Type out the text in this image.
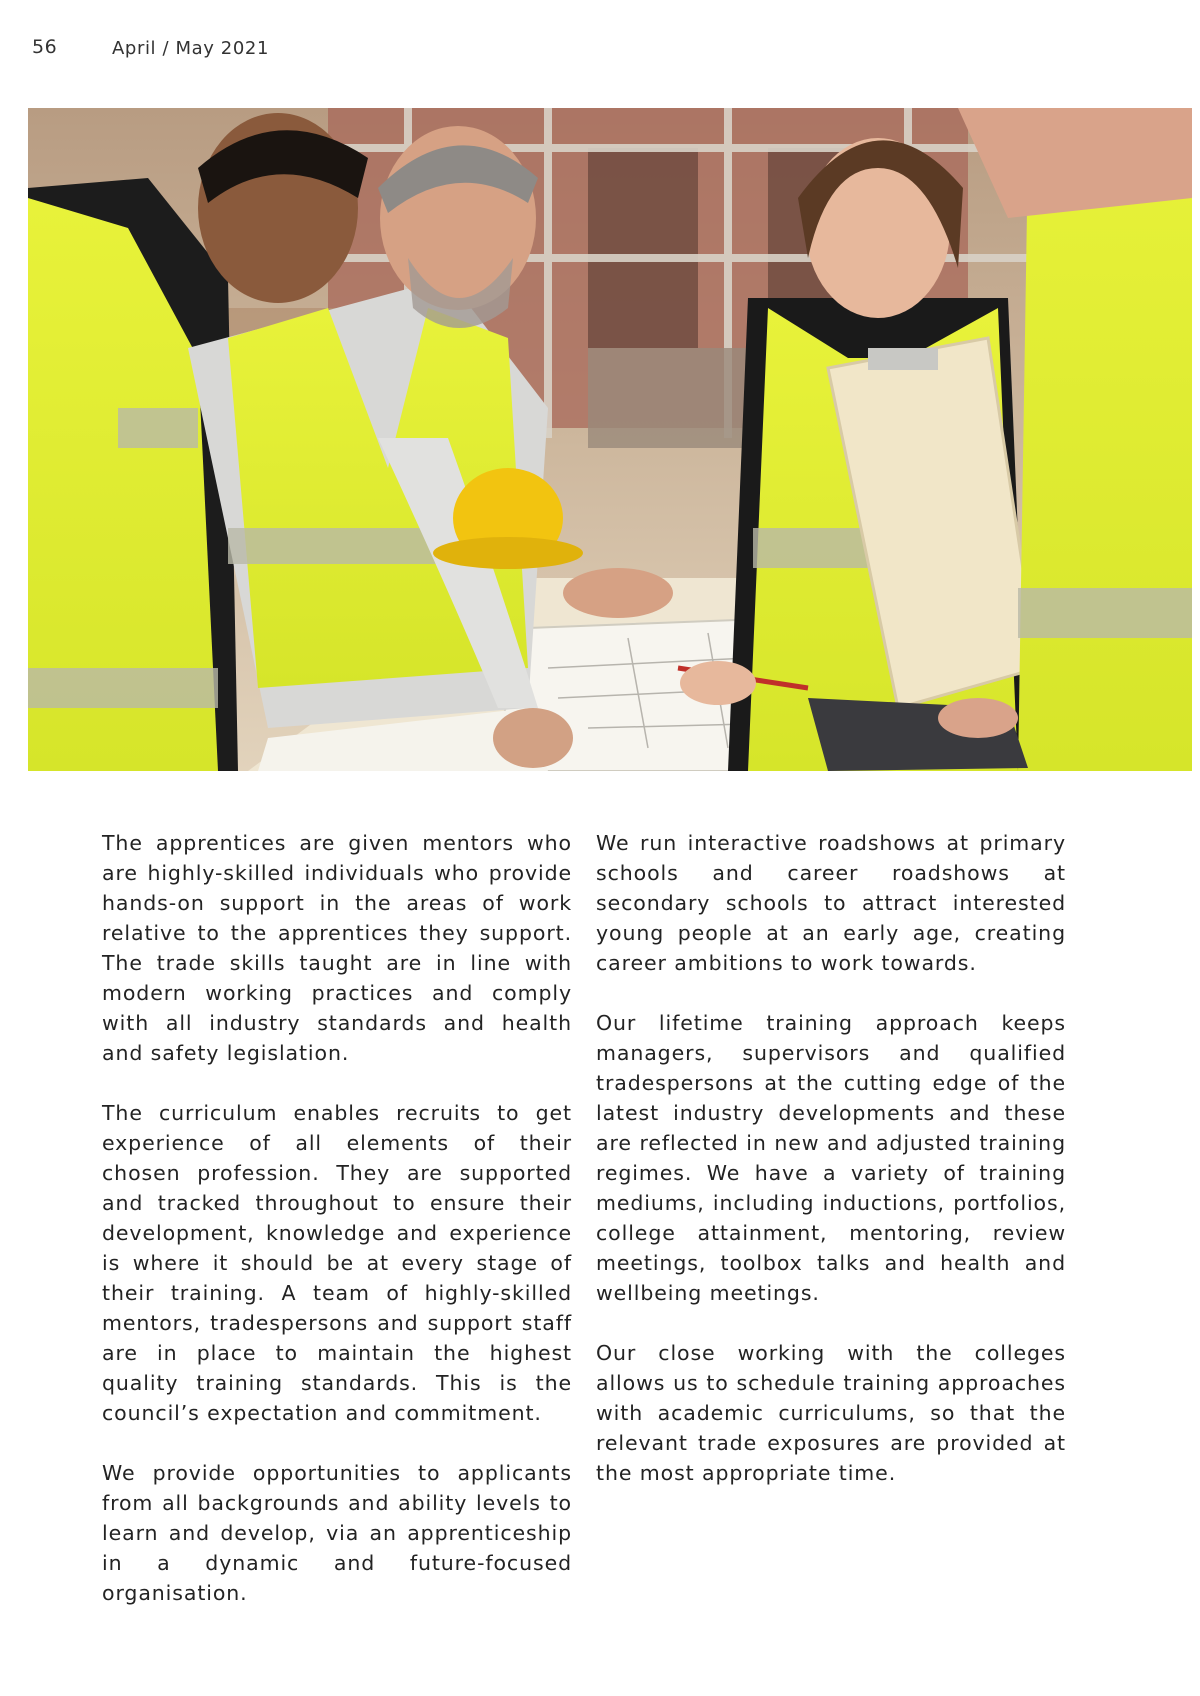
56	April / May 2021

The apprentices are given mentors who are highly-skilled individuals who provide hands-on support in the areas of work relative to the apprentices they support. The trade skills taught are in line with modern working practices and comply with all industry standards and health and safety legislation.

The curriculum enables recruits to get experience of all elements of their chosen profession. They are supported and tracked throughout to ensure their development, knowledge and experience is where it should be at every stage of their training. A team of highly-skilled mentors, tradespersons and support staff are in place to maintain the highest quality training standards. This is the council’s expectation and commitment.

We provide opportunities to applicants from all backgrounds and ability levels to learn and develop, via an apprenticeship in a dynamic and future-focused organisation.

We run interactive roadshows at primary schools and career roadshows at secondary schools to attract interested young people at an early age, creating career ambitions to work towards.

Our lifetime training approach keeps managers, supervisors and qualified tradespersons at the cutting edge of the latest industry developments and these are reflected in new and adjusted training regimes. We have a variety of training mediums, including inductions, portfolios, college attainment, mentoring, review meetings, toolbox talks and health and wellbeing meetings.

Our close working with the colleges allows us to schedule training approaches with academic curriculums, so that the relevant trade exposures are provided at the most appropriate time.
